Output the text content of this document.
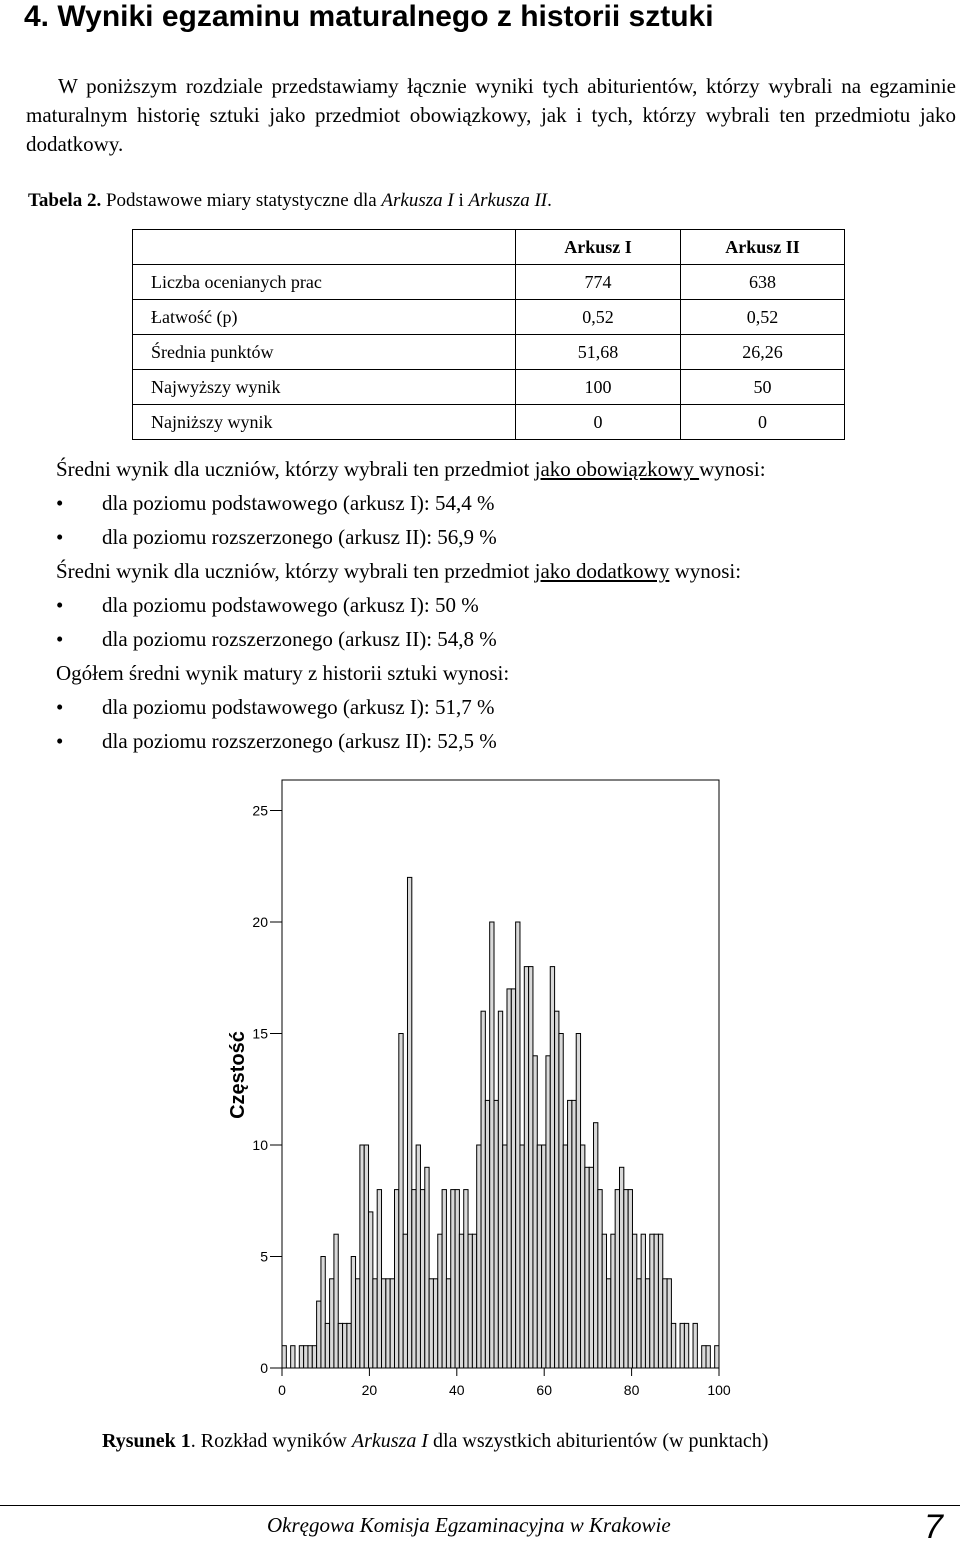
4. Wyniki egzaminu maturalnego z historii sztuki

W poniższym rozdziale przedstawiamy łącznie wyniki tych abiturientów, którzy wybrali na egzaminie maturalnym historię sztuki jako przedmiot obowiązkowy, jak i tych, którzy wybrali ten przedmiotu jako dodatkowy.

Tabela 2. Podstawowe miary statystyczne dla Arkusza I i Arkusza II.
	Arkusz I	Arkusz II
Liczba ocenianych prac	774	638
Łatwość (p)	0,52	0,52
Średnia punktów	51,68	26,26
Najwyższy wynik	100	50
Najniższy wynik	0	0
Średni wynik dla uczniów, którzy wybrali ten przedmiot jako obowiązkowy wynosi:
• dla poziomu podstawowego (arkusz I): 54,4 %
• dla poziomu rozszerzonego (arkusz II): 56,9 %
Średni wynik dla uczniów, którzy wybrali ten przedmiot jako dodatkowy wynosi:
• dla poziomu podstawowego (arkusz I): 50 %
• dla poziomu rozszerzonego (arkusz II): 54,8 %
Ogółem średni wynik matury z historii sztuki wynosi:
• dla poziomu podstawowego (arkusz I): 51,7 %
• dla poziomu rozszerzonego (arkusz II): 52,5 %
0
5
10
15
20
25
0	20	40	60	80	100
Częstość
Rysunek 1. Rozkład wyników Arkusza I dla wszystkich abiturientów (w punktach)
Okręgowa Komisja Egzaminacyjna w Krakowie	7
